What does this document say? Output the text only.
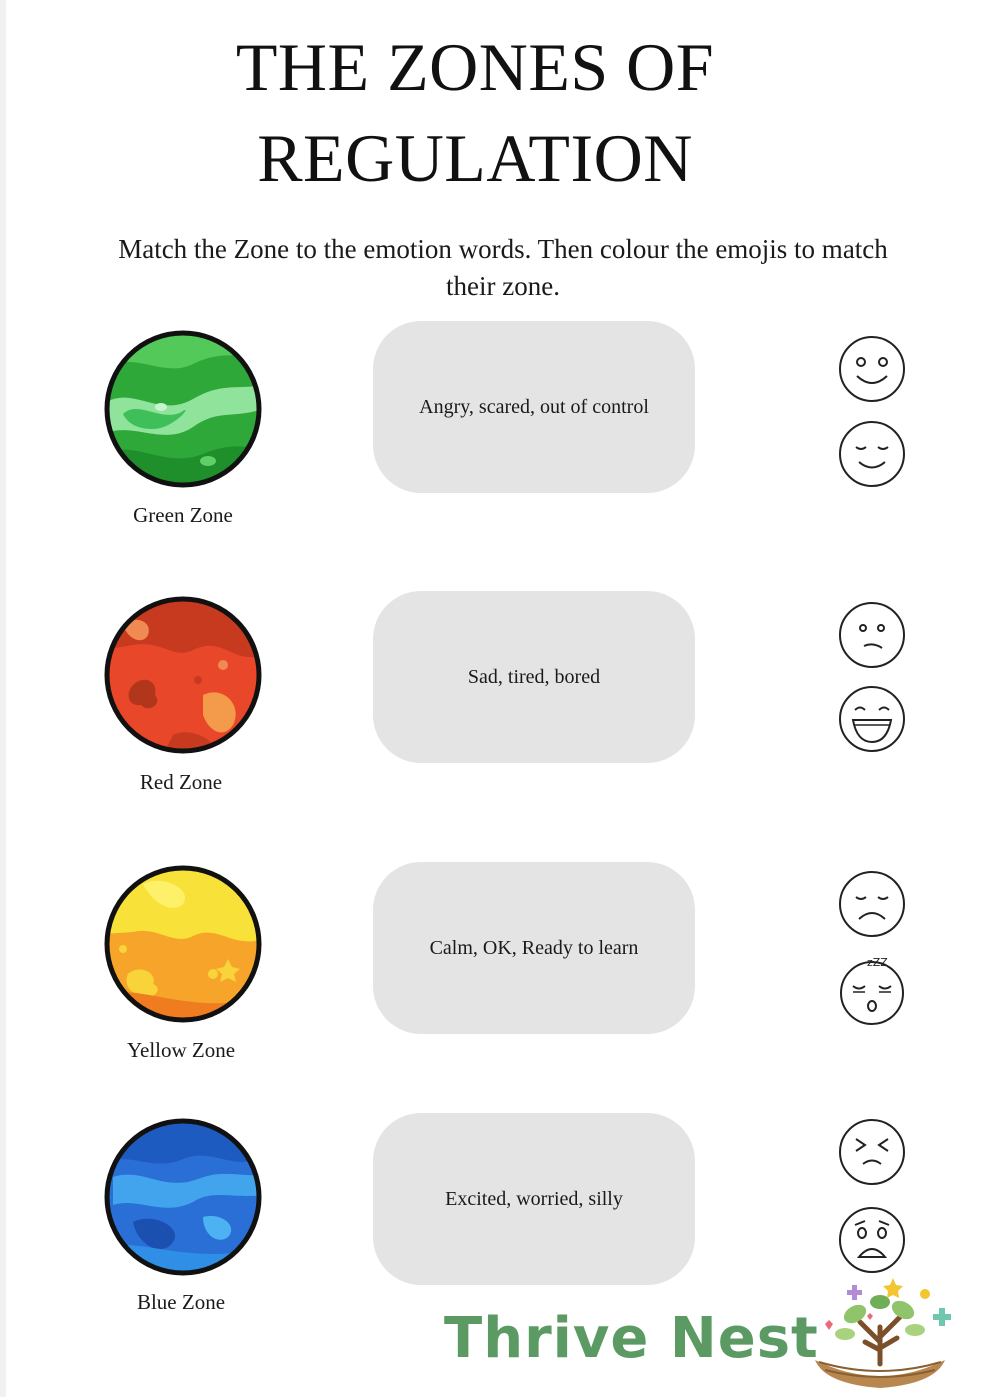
THE ZONES OF
REGULATION
Match the Zone to the emotion words. Then colour the emojis to match their zone.
Green Zone
Red Zone
Yellow Zone
Blue Zone
Angry, scared, out of control
Sad, tired, bored
Calm, OK, Ready to learn
Excited, worried, silly
zZZ
Thrive Nest
